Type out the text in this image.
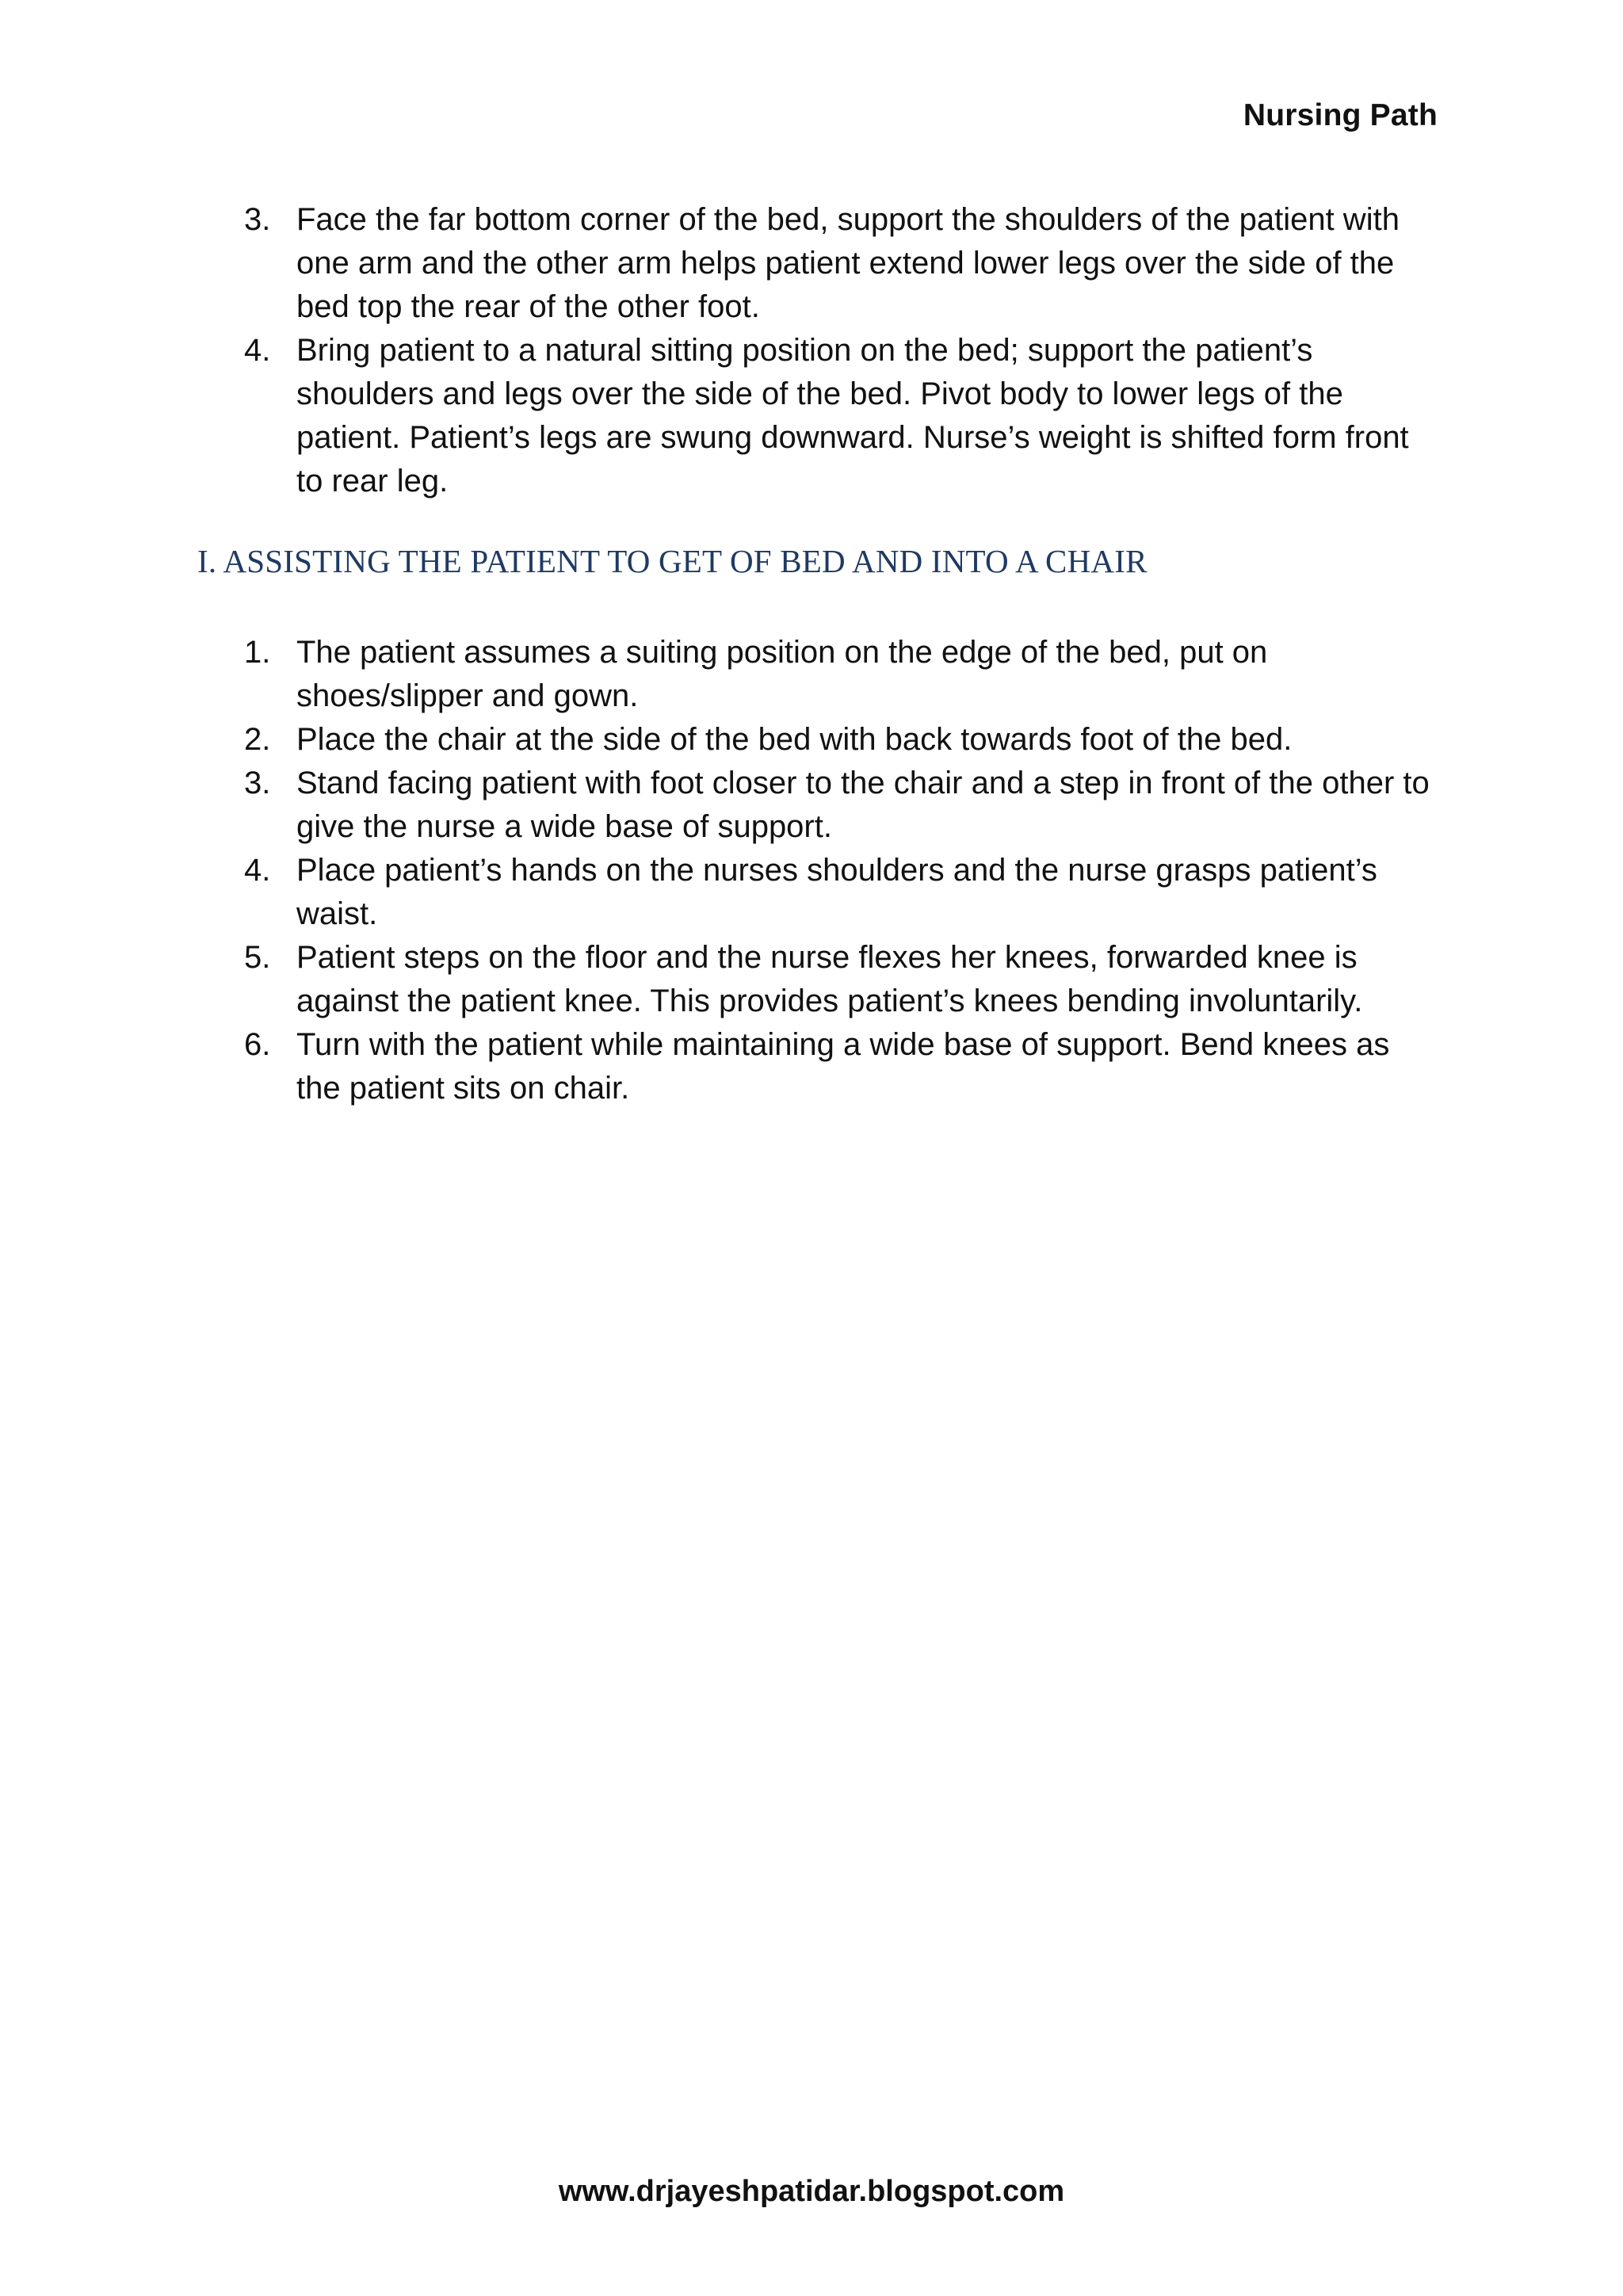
Nursing Path
3. Face the far bottom corner of the bed, support the shoulders of the patient with one arm and the other arm helps patient extend lower legs over the side of the bed top the rear of the other foot.
4. Bring patient to a natural sitting position on the bed; support the patient’s shoulders and legs over the side of the bed. Pivot body to lower legs of the patient. Patient’s legs are swung downward. Nurse’s weight is shifted form front to rear leg.
I. ASSISTING THE PATIENT TO GET OF BED AND INTO A CHAIR
1. The patient assumes a suiting position on the edge of the bed, put on shoes/slipper and gown.
2. Place the chair at the side of the bed with back towards foot of the bed.
3. Stand facing patient with foot closer to the chair and a step in front of the other to give the nurse a wide base of support.
4. Place patient’s hands on the nurses shoulders and the nurse grasps patient’s waist.
5. Patient steps on the floor and the nurse flexes her knees, forwarded knee is against the patient knee. This provides patient’s knees bending involuntarily.
6. Turn with the patient while maintaining a wide base of support. Bend knees as the patient sits on chair.
www.drjayeshpatidar.blogspot.com
